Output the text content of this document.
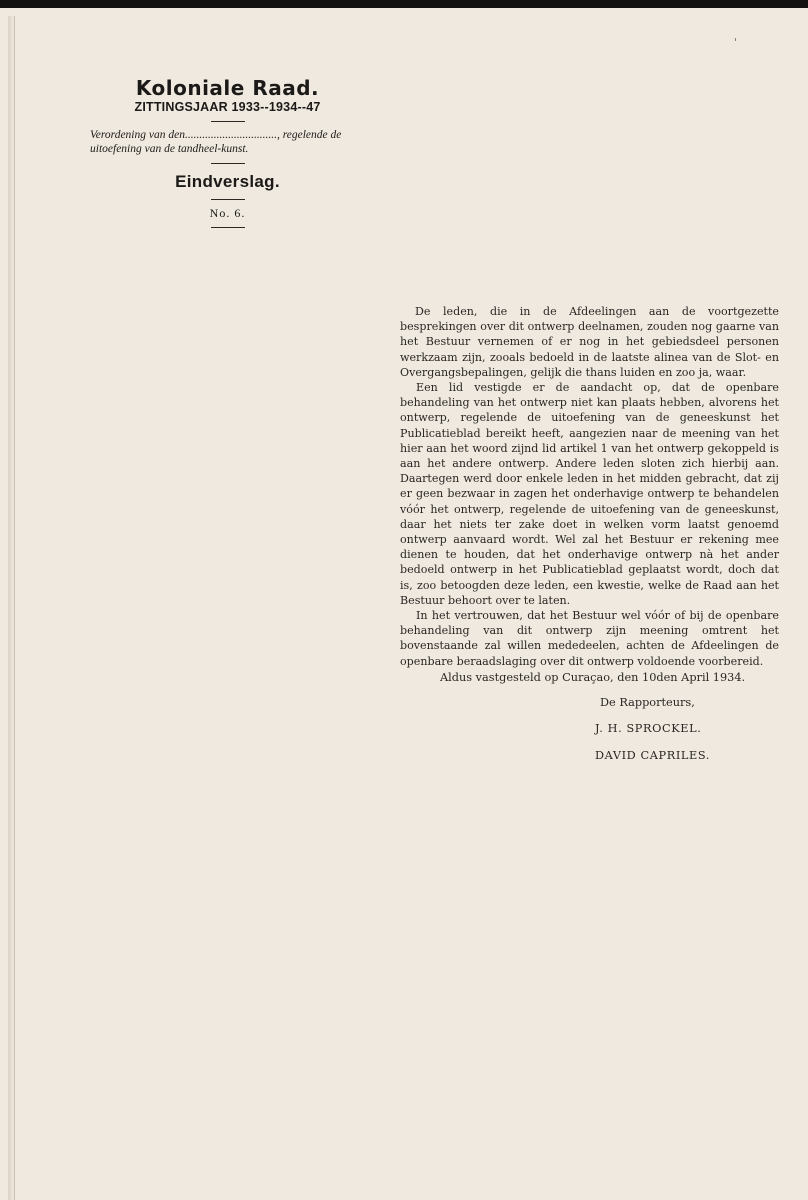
Koloniale Raad.
ZITTINGSJAAR 1933--1934--47
Verordening van den................................, regelende de uitoefening van de tandheel-kunst.
Eindverslag.
No. 6.

De leden, die in de Afdeelingen aan de voortgezette besprekingen over dit ontwerp deelnamen, zouden nog gaarne van het Bestuur vernemen of er nog in het gebiedsdeel personen werkzaam zijn, zooals bedoeld in de laatste alinea van de Slot- en Overgangsbepalingen, gelijk die thans luiden en zoo ja, waar.

Een lid vestigde er de aandacht op, dat de openbare behandeling van het ontwerp niet kan plaats hebben, alvorens het ontwerp, regelende de uitoefening van de geneeskunst het Publicatieblad bereikt heeft, aangezien naar de meening van het hier aan het woord zijnd lid artikel 1 van het ontwerp gekoppeld is aan het andere ontwerp. Andere leden sloten zich hierbij aan. Daartegen werd door enkele leden in het midden gebracht, dat zij er geen bezwaar in zagen het onderhavige ontwerp te behandelen vóór het ontwerp, regelende de uitoefening van de geneeskunst, daar het niets ter zake doet in welken vorm laatst genoemd ontwerp aanvaard wordt. Wel zal het Bestuur er rekening mee dienen te houden, dat het onderhavige ontwerp nà het ander bedoeld ontwerp in het Publicatieblad geplaatst wordt, doch dat is, zoo betoogden deze leden, een kwestie, welke de Raad aan het Bestuur behoort over te laten.

In het vertrouwen, dat het Bestuur wel vóór of bij de openbare behandeling van dit ontwerp zijn meening omtrent het bovenstaande zal willen mededeelen, achten de Afdeelingen de openbare beraadslaging over dit ontwerp voldoende voorbereid.

Aldus vastgesteld op Curaçao, den 10den April 1934.
De Rapporteurs,
J. H. SPROCKEL.
DAVID CAPRILES.
